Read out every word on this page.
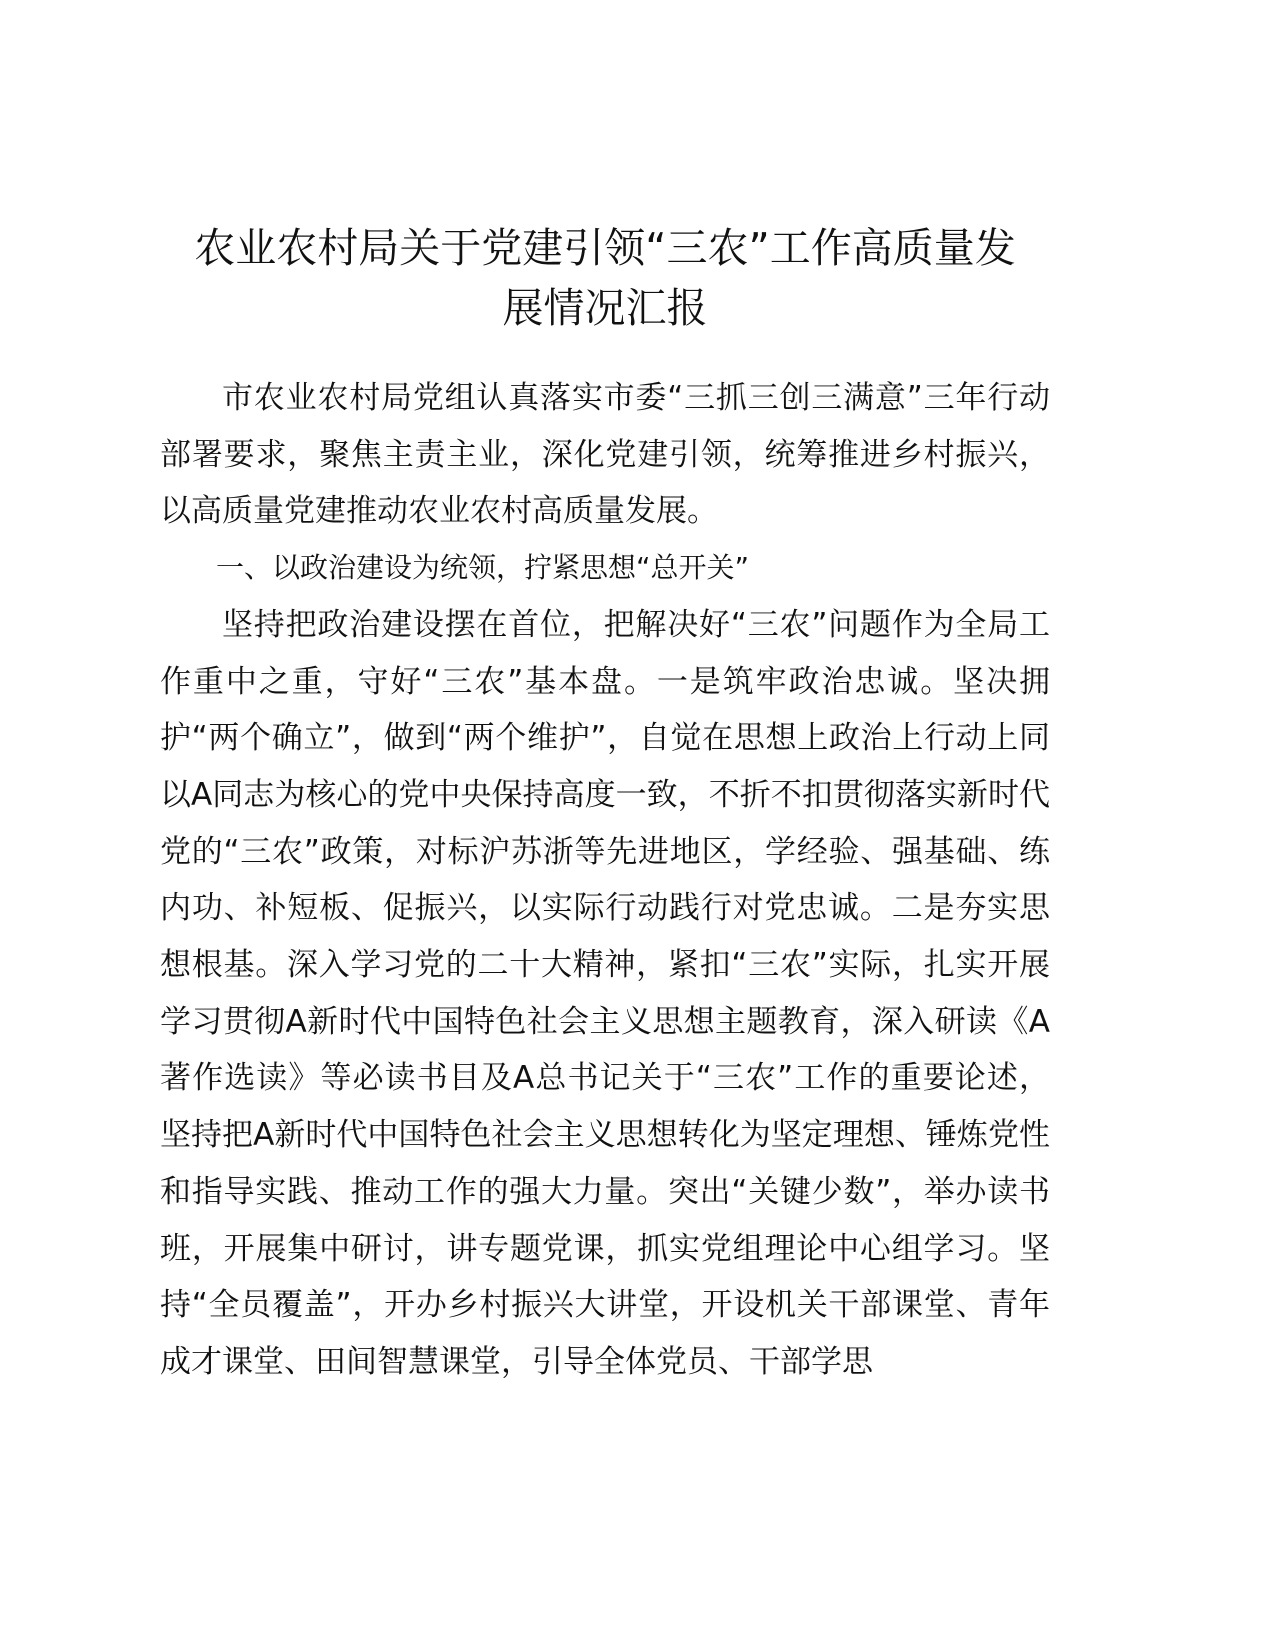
农业农村局关于党建引领“三农”工作高质量发
展情况汇报

市农业农村局党组认真落实市委“三抓三创三满意”三年行动部署要求，聚焦主责主业，深化党建引领，统筹推进乡村振兴，以高质量党建推动农业农村高质量发展。

一、以政治建设为统领，拧紧思想“总开关”

坚持把政治建设摆在首位，把解决好“三农”问题作为全局工作重中之重，守好“三农”基本盘。一是筑牢政治忠诚。坚决拥护“两个确立”，做到“两个维护”，自觉在思想上政治上行动上同以A同志为核心的党中央保持高度一致，不折不扣贯彻落实新时代党的“三农”政策，对标沪苏浙等先进地区，学经验、强基础、练内功、补短板、促振兴，以实际行动践行对党忠诚。二是夯实思想根基。深入学习党的二十大精神，紧扣“三农”实际，扎实开展学习贯彻A新时代中国特色社会主义思想主题教育，深入研读《A著作选读》等必读书目及A总书记关于“三农”工作的重要论述，坚持把A新时代中国特色社会主义思想转化为坚定理想、锤炼党性和指导实践、推动工作的强大力量。突出“关键少数”，举办读书班，开展集中研讨，讲专题党课，抓实党组理论中心组学习。坚持“全员覆盖”，开办乡村振兴大讲堂，开设机关干部课堂、青年成才课堂、田间智慧课堂，引导全体党员、干部学思
